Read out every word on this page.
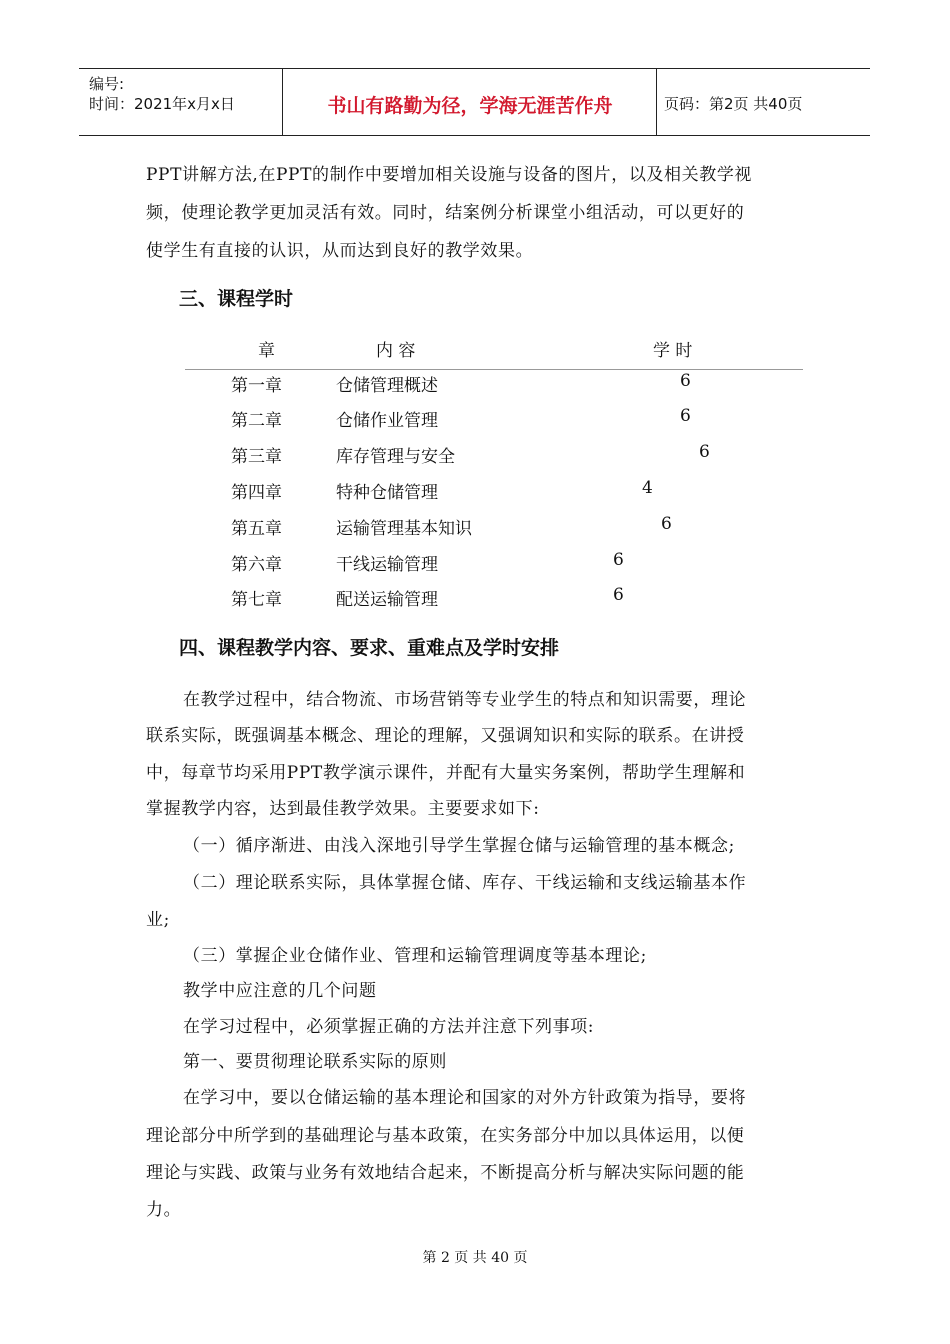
编号:
时间：2021年x月x日	书山有路勤为径，学海无涯苦作舟	页码：第2页 共40页
PPT讲解方法,在PPT的制作中要增加相关设施与设备的图片，以及相关教学视
频，使理论教学更加灵活有效。同时，结案例分析课堂小组活动，可以更好的
使学生有直接的认识，从而达到良好的教学效果。
三、课程学时
章	内 容	学 时
第一章	仓储管理概述	6
第二章	仓储作业管理	6
第三章	库存管理与安全	6
第四章	特种仓储管理	4
第五章	运输管理基本知识	6
第六章	干线运输管理	6
第七章	配送运输管理	6
四、课程教学内容、要求、重难点及学时安排
在教学过程中，结合物流、市场营销等专业学生的特点和知识需要，理论
联系实际，既强调基本概念、理论的理解，又强调知识和实际的联系。在讲授
中，每章节均采用PPT教学演示课件，并配有大量实务案例，帮助学生理解和
掌握教学内容，达到最佳教学效果。主要要求如下:
（一）循序渐进、由浅入深地引导学生掌握仓储与运输管理的基本概念;
（二）理论联系实际，具体掌握仓储、库存、干线运输和支线运输基本作
业;
（三）掌握企业仓储作业、管理和运输管理调度等基本理论;
教学中应注意的几个问题
在学习过程中，必须掌握正确的方法并注意下列事项:
第一、要贯彻理论联系实际的原则
在学习中，要以仓储运输的基本理论和国家的对外方针政策为指导，要将
理论部分中所学到的基础理论与基本政策，在实务部分中加以具体运用，以便
理论与实践、政策与业务有效地结合起来，不断提高分析与解决实际问题的能
力。
第 2 页 共 40 页
